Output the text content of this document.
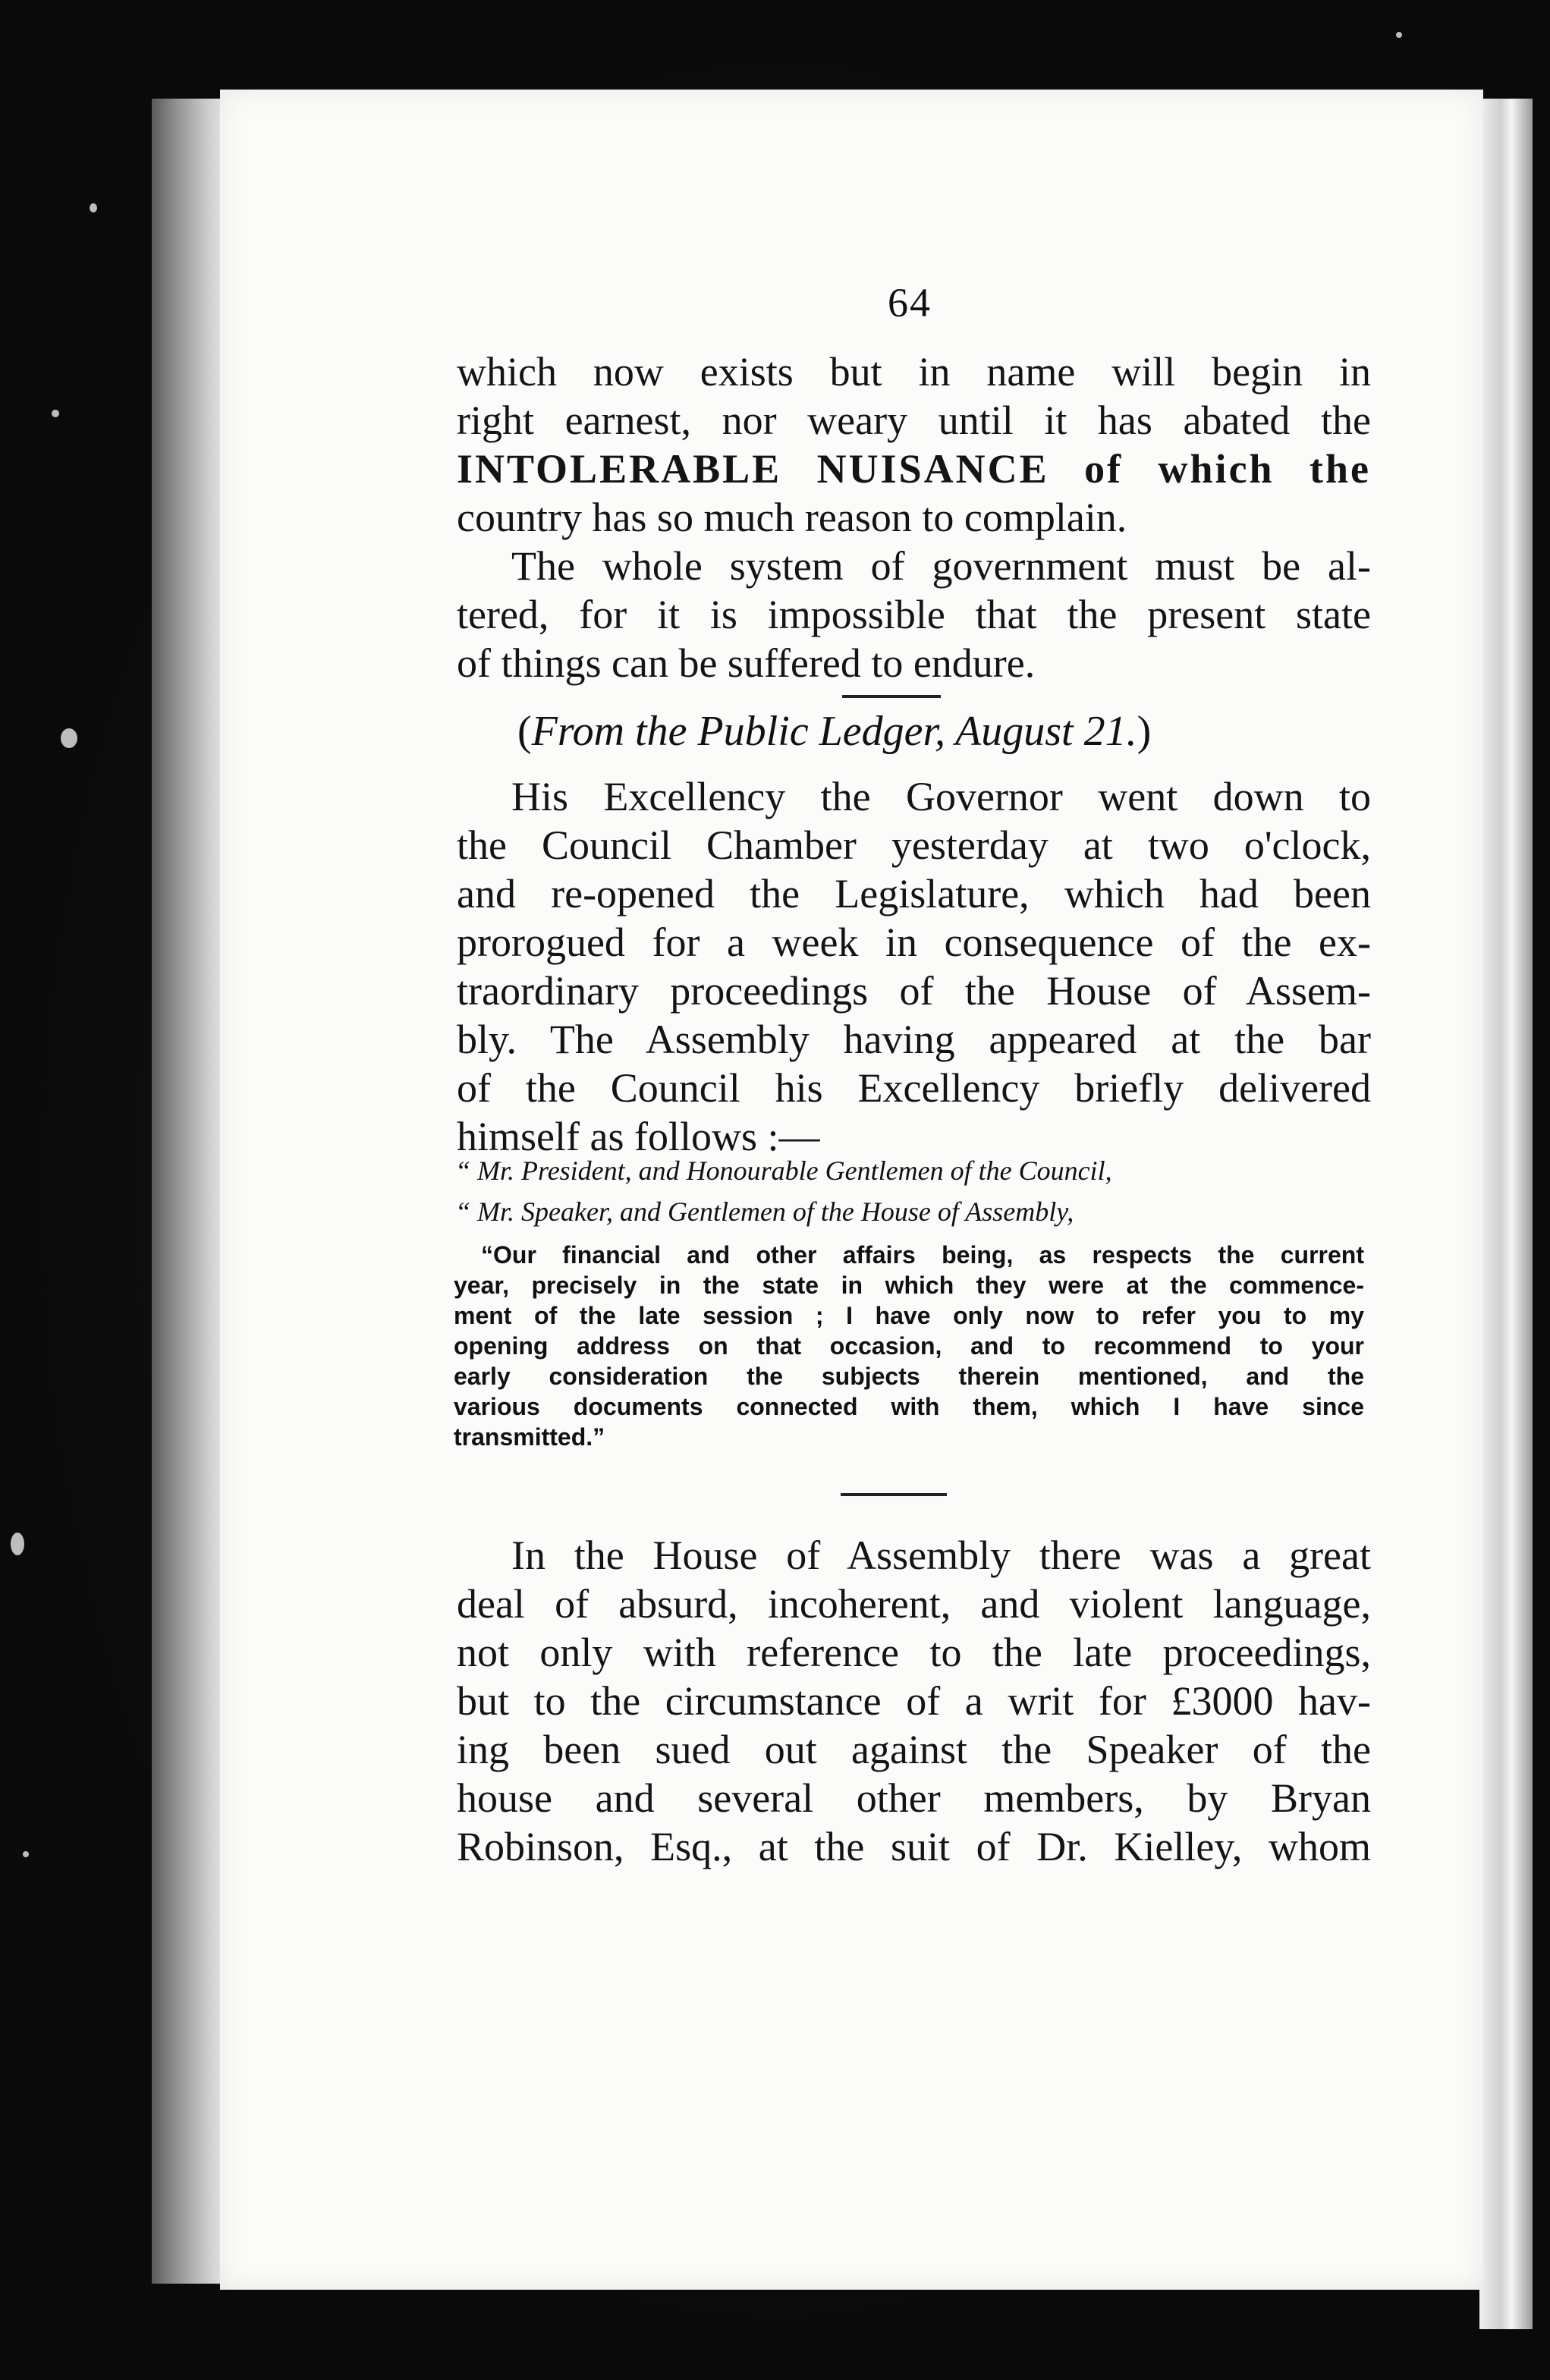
64
which now exists but in name will begin in
right earnest, nor weary until it has abated the
INTOLERABLE NUISANCE of which the
country has so much reason to complain.
The whole system of government must be al-
tered, for it is impossible that the present state
of things can be suffered to endure.
(From the Public Ledger, August 21.)
His Excellency the Governor went down to
the Council Chamber yesterday at two o'clock,
and re-opened the Legislature, which had been
prorogued for a week in consequence of the ex-
traordinary proceedings of the House of Assem-
bly. The Assembly having appeared at the bar
of the Council his Excellency briefly delivered
himself as follows :—
“ Mr. President, and Honourable Gentlemen of the Council,
“ Mr. Speaker, and Gentlemen of the House of Assembly,
“Our financial and other affairs being, as respects the current
year, precisely in the state in which they were at the commence-
ment of the late session ; I have only now to refer you to my
opening address on that occasion, and to recommend to your
early consideration the subjects therein mentioned, and the
various documents connected with them, which I have since
transmitted.”
In the House of Assembly there was a great
deal of absurd, incoherent, and violent language,
not only with reference to the late proceedings,
but to the circumstance of a writ for £3000 hav-
ing been sued out against the Speaker of the
house and several other members, by Bryan
Robinson, Esq., at the suit of Dr. Kielley, whom
